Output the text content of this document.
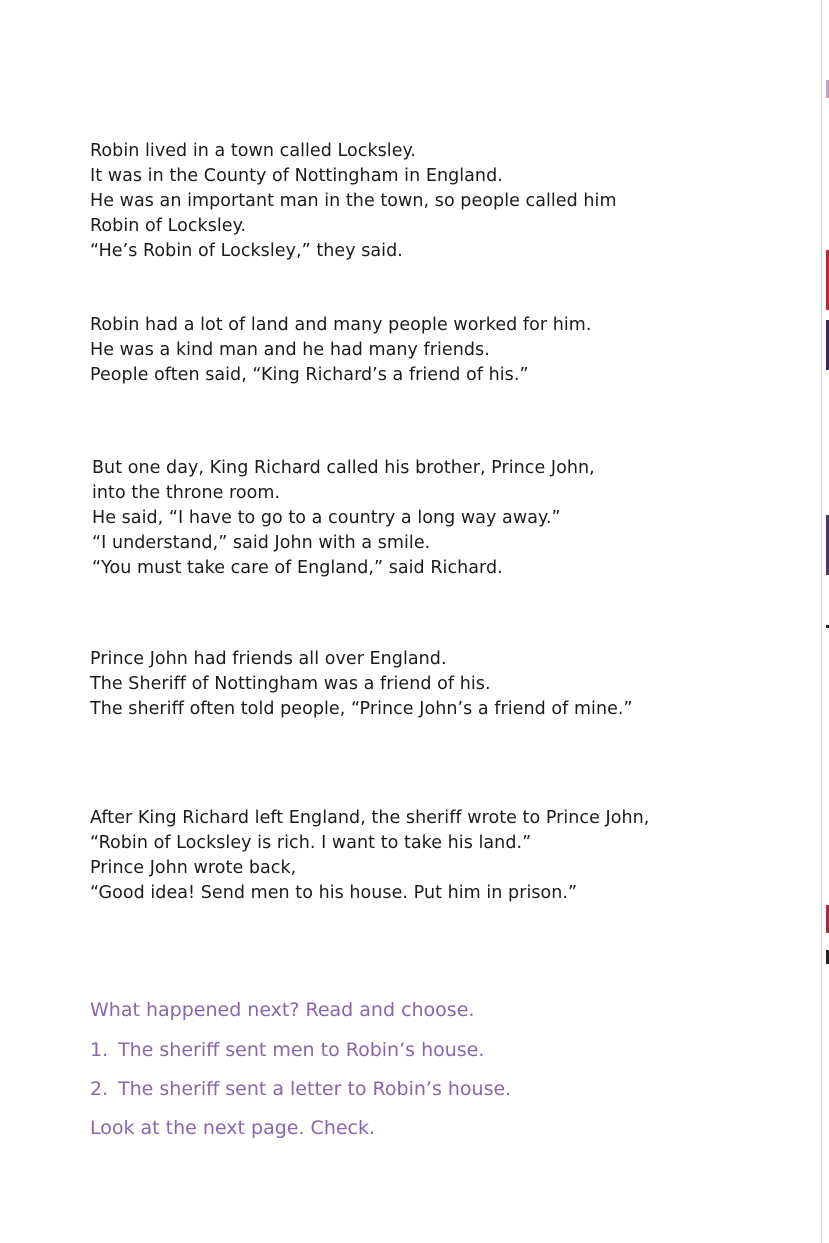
Robin lived in a town called Locksley.
It was in the County of Nottingham in England.
He was an important man in the town, so people called him
Robin of Locksley.
“He’s Robin of Locksley,” they said.
Robin had a lot of land and many people worked for him.
He was a kind man and he had many friends.
People often said, “King Richard’s a friend of his.”
But one day, King Richard called his brother, Prince John,
into the throne room.
He said, “I have to go to a country a long way away.”
“I understand,” said John with a smile.
“You must take care of England,” said Richard.
Prince John had friends all over England.
The Sheriff of Nottingham was a friend of his.
The sheriff often told people, “Prince John’s a friend of mine.”
After King Richard left England, the sheriff wrote to Prince John,
“Robin of Locksley is rich. I want to take his land.”
Prince John wrote back,
“Good idea! Send men to his house. Put him in prison.”
What happened next? Read and choose.
1. The sheriff sent men to Robin’s house.
2. The sheriff sent a letter to Robin’s house.
Look at the next page. Check.
